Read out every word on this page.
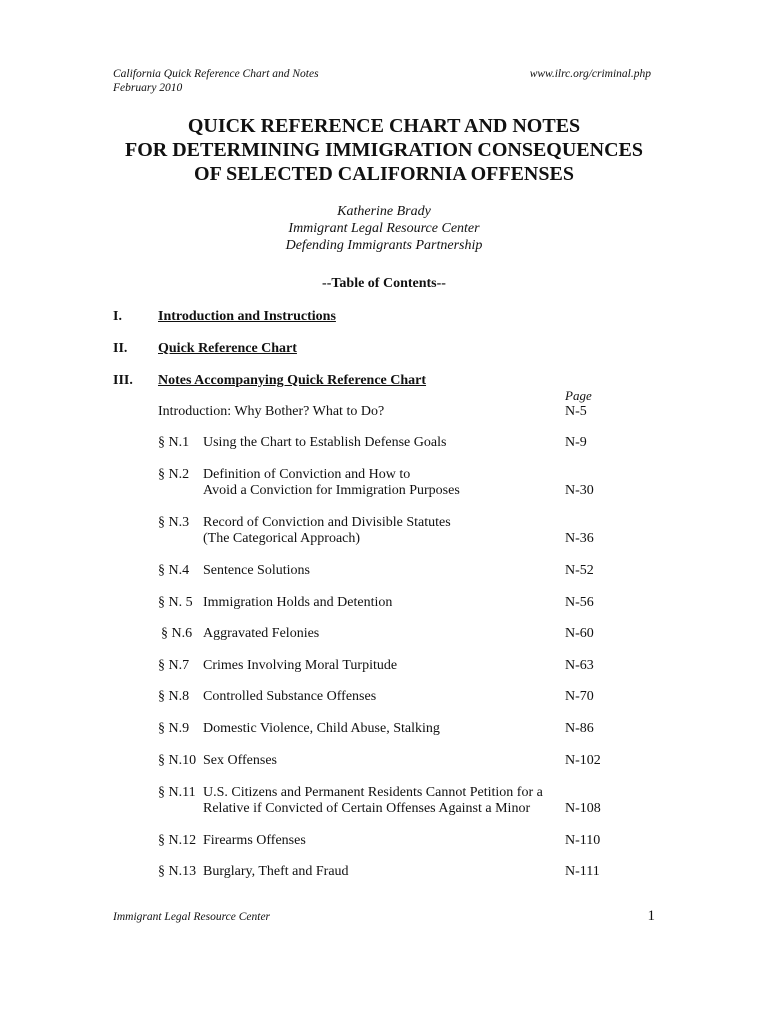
California Quick Reference Chart and Notes
February 2010
www.ilrc.org/criminal.php
QUICK REFERENCE CHART AND NOTES
FOR DETERMINING IMMIGRATION CONSEQUENCES
OF SELECTED CALIFORNIA OFFENSES
Katherine Brady
Immigrant Legal Resource Center
Defending Immigrants Partnership
--Table of Contents--
I.	Introduction and Instructions
II. Quick Reference Chart
III. Notes Accompanying Quick Reference Chart
Page
Introduction: Why Bother? What to Do?	N-5
§ N.1 Using the Chart to Establish Defense Goals	N-9
§ N.2 Definition of Conviction and How to
Avoid a Conviction for Immigration Purposes	N-30
§ N.3 Record of Conviction and Divisible Statutes
(The Categorical Approach)	N-36
§ N.4 Sentence Solutions	N-52
§ N. 5 Immigration Holds and Detention	N-56
§ N.6 Aggravated Felonies	N-60
§ N.7 Crimes Involving Moral Turpitude	N-63
§ N.8 Controlled Substance Offenses	N-70
§ N.9 Domestic Violence, Child Abuse, Stalking	N-86
§ N.10 Sex Offenses	N-102
§ N.11 U.S. Citizens and Permanent Residents Cannot Petition for a
Relative if Convicted of Certain Offenses Against a Minor N-108
§ N.12 Firearms Offenses	N-110
§ N.13 Burglary, Theft and Fraud	N-111
Immigrant Legal Resource Center	1
